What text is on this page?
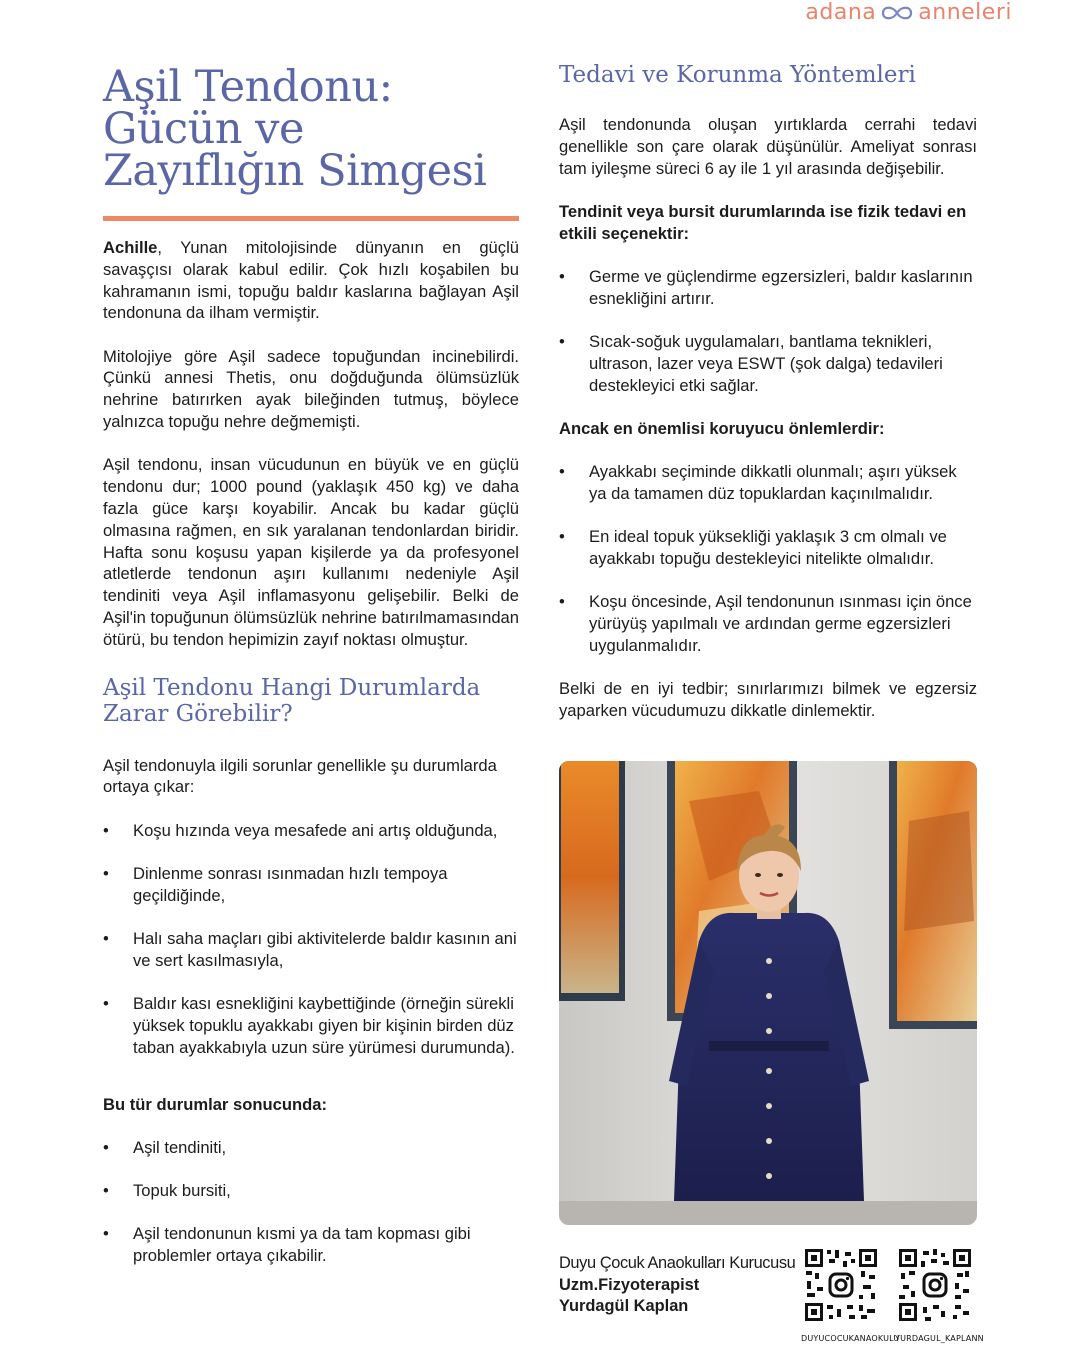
adana anneleri
Aşil Tendonu:
Gücün ve
Zayıflığın Simgesi

Achille, Yunan mitolojisinde dünyanın en güçlü savaşçısı olarak kabul edilir. Çok hızlı koşabilen bu kahramanın ismi, topuğu baldır kaslarına bağlayan Aşil tendonuna da ilham vermiştir.

Mitolojiye göre Aşil sadece topuğundan incinebilirdi. Çünkü annesi Thetis, onu doğduğunda ölümsüzlük nehrine batırırken ayak bileğinden tutmuş, böylece yalnızca topuğu nehre değmemişti.

Aşil tendonu, insan vücudunun en büyük ve en güçlü tendonu dur; 1000 pound (yaklaşık 450 kg) ve daha fazla güce karşı koyabilir. Ancak bu kadar güçlü olmasına rağmen, en sık yaralanan tendonlardan biridir. Hafta sonu koşusu yapan kişilerde ya da profesyonel atletlerde tendonun aşırı kullanımı nedeniyle Aşil tendiniti veya Aşil inflamasyonu gelişebilir. Belki de Aşil'in topuğunun ölümsüzlük nehrine batırılmamasından ötürü, bu tendon hepimizin zayıf noktası olmuştur.

Aşil Tendonu Hangi Durumlarda Zarar Görebilir?

Aşil tendonuyla ilgili sorunlar genellikle şu durumlarda ortaya çıkar:

• Koşu hızında veya mesafede ani artış olduğunda,
• Dinlenme sonrası ısınmadan hızlı tempoya geçildiğinde,
• Halı saha maçları gibi aktivitelerde baldır kasının ani ve sert kasılmasıyla,
• Baldır kası esnekliğini kaybettiğinde (örneğin sürekli yüksek topuklu ayakkabı giyen bir kişinin birden düz taban ayakkabıyla uzun süre yürümesi durumunda).

Bu tür durumlar sonucunda:

• Aşil tendiniti,
• Topuk bursiti,
• Aşil tendonunun kısmi ya da tam kopması gibi problemler ortaya çıkabilir.
Tedavi ve Korunma Yöntemleri

Aşil tendonunda oluşan yırtıklarda cerrahi tedavi genellikle son çare olarak düşünülür. Ameliyat sonrası tam iyileşme süreci 6 ay ile 1 yıl arasında değişebilir.

Tendinit veya bursit durumlarında ise fizik tedavi en etkili seçenektir:

• Germe ve güçlendirme egzersizleri, baldır kaslarının esnekliğini artırır.
• Sıcak-soğuk uygulamaları, bantlama teknikleri, ultrason, lazer veya ESWT (şok dalga) tedavileri destekleyici etki sağlar.

Ancak en önemlisi koruyucu önlemlerdir:

• Ayakkabı seçiminde dikkatli olunmalı; aşırı yüksek ya da tamamen düz topuklardan kaçınılmalıdır.
• En ideal topuk yüksekliği yaklaşık 3 cm olmalı ve ayakkabı topuğu destekleyici nitelikte olmalıdır.
• Koşu öncesinde, Aşil tendonunun ısınması için önce yürüyüş yapılmalı ve ardından germe egzersizleri uygulanmalıdır.

Belki de en iyi tedbir; sınırlarımızı bilmek ve egzersiz yaparken vücudumuzu dikkatle dinlemektir.

Duyu Çocuk Anaokulları Kurucusu
Uzm.Fizyoterapist
Yurdagül Kaplan
DUYUCOCUKANAOKULU
YURDAGUL_KAPLANN
